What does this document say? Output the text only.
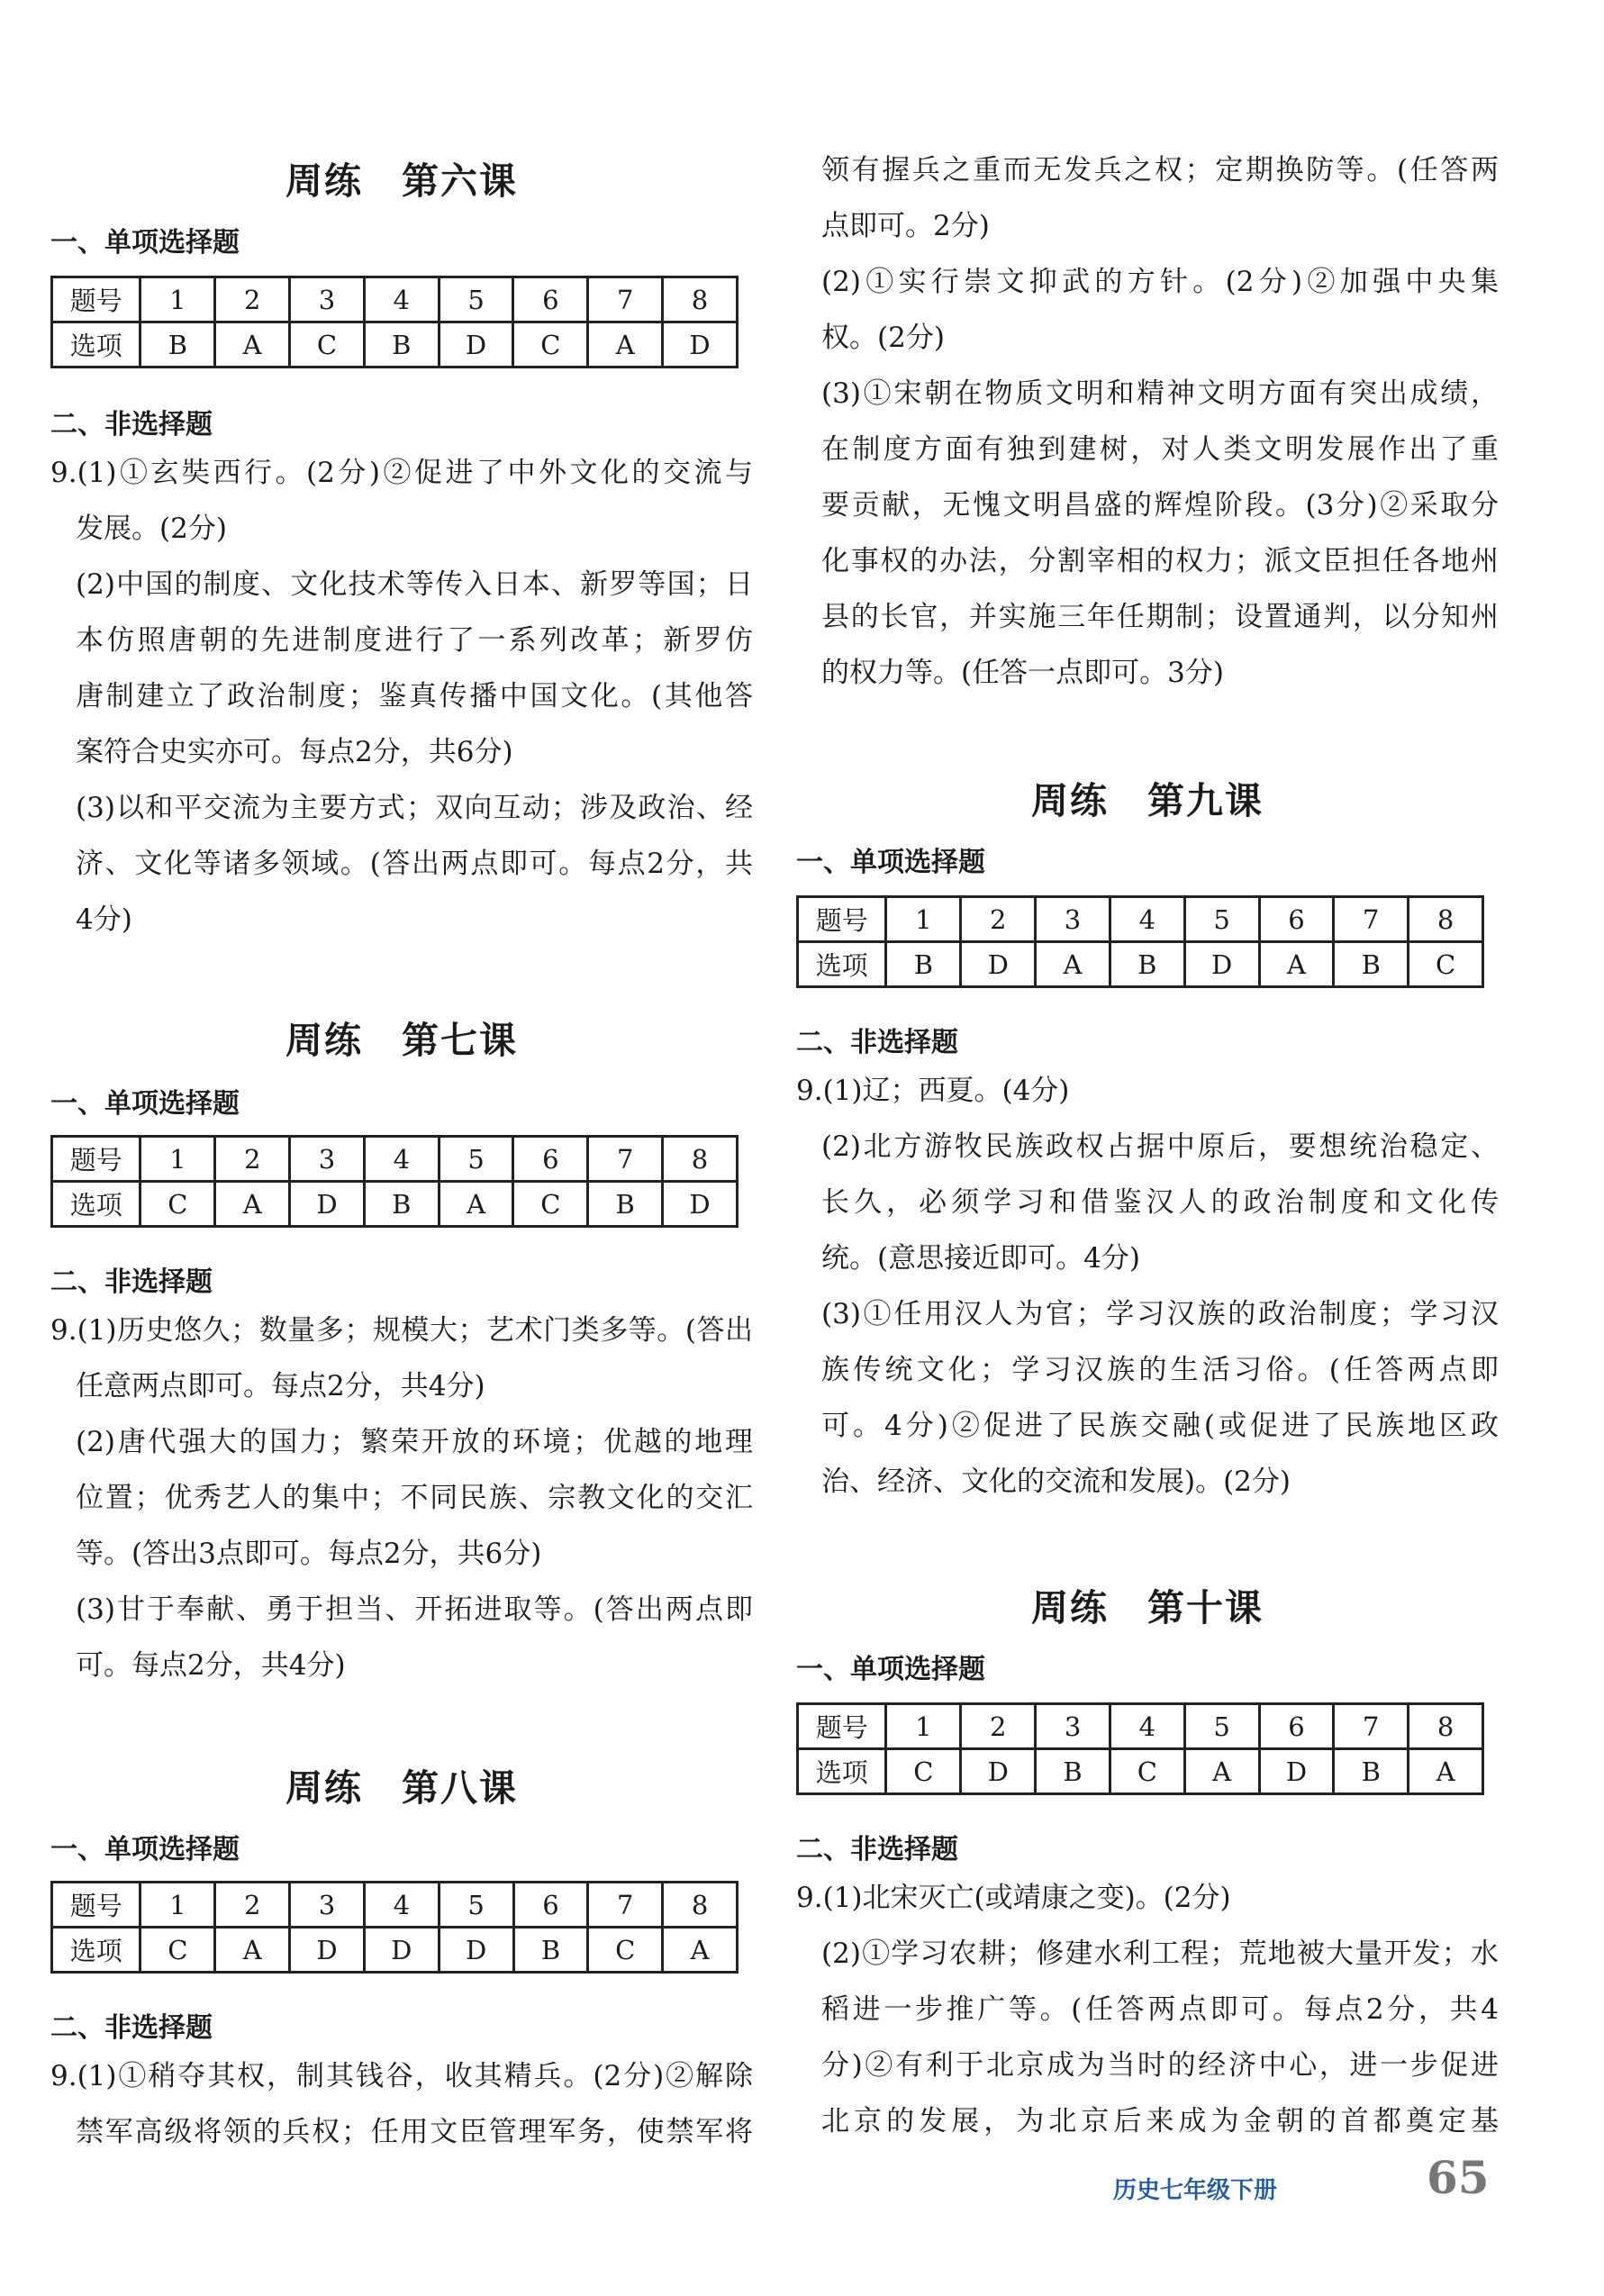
周练　第六课
一、单项选择题
题号	1	2	3	4	5	6	7	8
选项	B	A	C	B	D	C	A	D
二、非选择题
9.(1)①玄奘西行。(2分)②促进了中外文化的交流与
发展。(2分)
(2)中国的制度、文化技术等传入日本、新罗等国；日
本仿照唐朝的先进制度进行了一系列改革；新罗仿
唐制建立了政治制度；鉴真传播中国文化。(其他答
案符合史实亦可。每点2分，共6分)
(3)以和平交流为主要方式；双向互动；涉及政治、经
济、文化等诸多领域。(答出两点即可。每点2分，共
4分)
周练　第七课
一、单项选择题
题号	1	2	3	4	5	6	7	8
选项	C	A	D	B	A	C	B	D
二、非选择题
9.(1)历史悠久；数量多；规模大；艺术门类多等。(答出
任意两点即可。每点2分，共4分)
(2)唐代强大的国力；繁荣开放的环境；优越的地理
位置；优秀艺人的集中；不同民族、宗教文化的交汇
等。(答出3点即可。每点2分，共6分)
(3)甘于奉献、勇于担当、开拓进取等。(答出两点即
可。每点2分，共4分)
周练　第八课
一、单项选择题
题号	1	2	3	4	5	6	7	8
选项	C	A	D	D	D	B	C	A
二、非选择题
9.(1)①稍夺其权，制其钱谷，收其精兵。(2分)②解除
禁军高级将领的兵权；任用文臣管理军务，使禁军将
领有握兵之重而无发兵之权；定期换防等。(任答两
点即可。2分)
(2)①实行崇文抑武的方针。(2分)②加强中央集
权。(2分)
(3)①宋朝在物质文明和精神文明方面有突出成绩，
在制度方面有独到建树，对人类文明发展作出了重
要贡献，无愧文明昌盛的辉煌阶段。(3分)②采取分
化事权的办法，分割宰相的权力；派文臣担任各地州
县的长官，并实施三年任期制；设置通判，以分知州
的权力等。(任答一点即可。3分)
周练　第九课
一、单项选择题
题号	1	2	3	4	5	6	7	8
选项	B	D	A	B	D	A	B	C
二、非选择题
9.(1)辽；西夏。(4分)
(2)北方游牧民族政权占据中原后，要想统治稳定、
长久，必须学习和借鉴汉人的政治制度和文化传
统。(意思接近即可。4分)
(3)①任用汉人为官；学习汉族的政治制度；学习汉
族传统文化；学习汉族的生活习俗。(任答两点即
可。4分)②促进了民族交融(或促进了民族地区政
治、经济、文化的交流和发展)。(2分)
周练　第十课
一、单项选择题
题号	1	2	3	4	5	6	7	8
选项	C	D	B	C	A	D	B	A
二、非选择题
9.(1)北宋灭亡(或靖康之变)。(2分)
(2)①学习农耕；修建水利工程；荒地被大量开发；水
稻进一步推广等。(任答两点即可。每点2分，共4
分)②有利于北京成为当时的经济中心，进一步促进
北京的发展，为北京后来成为金朝的首都奠定基
历史七年级下册	65
